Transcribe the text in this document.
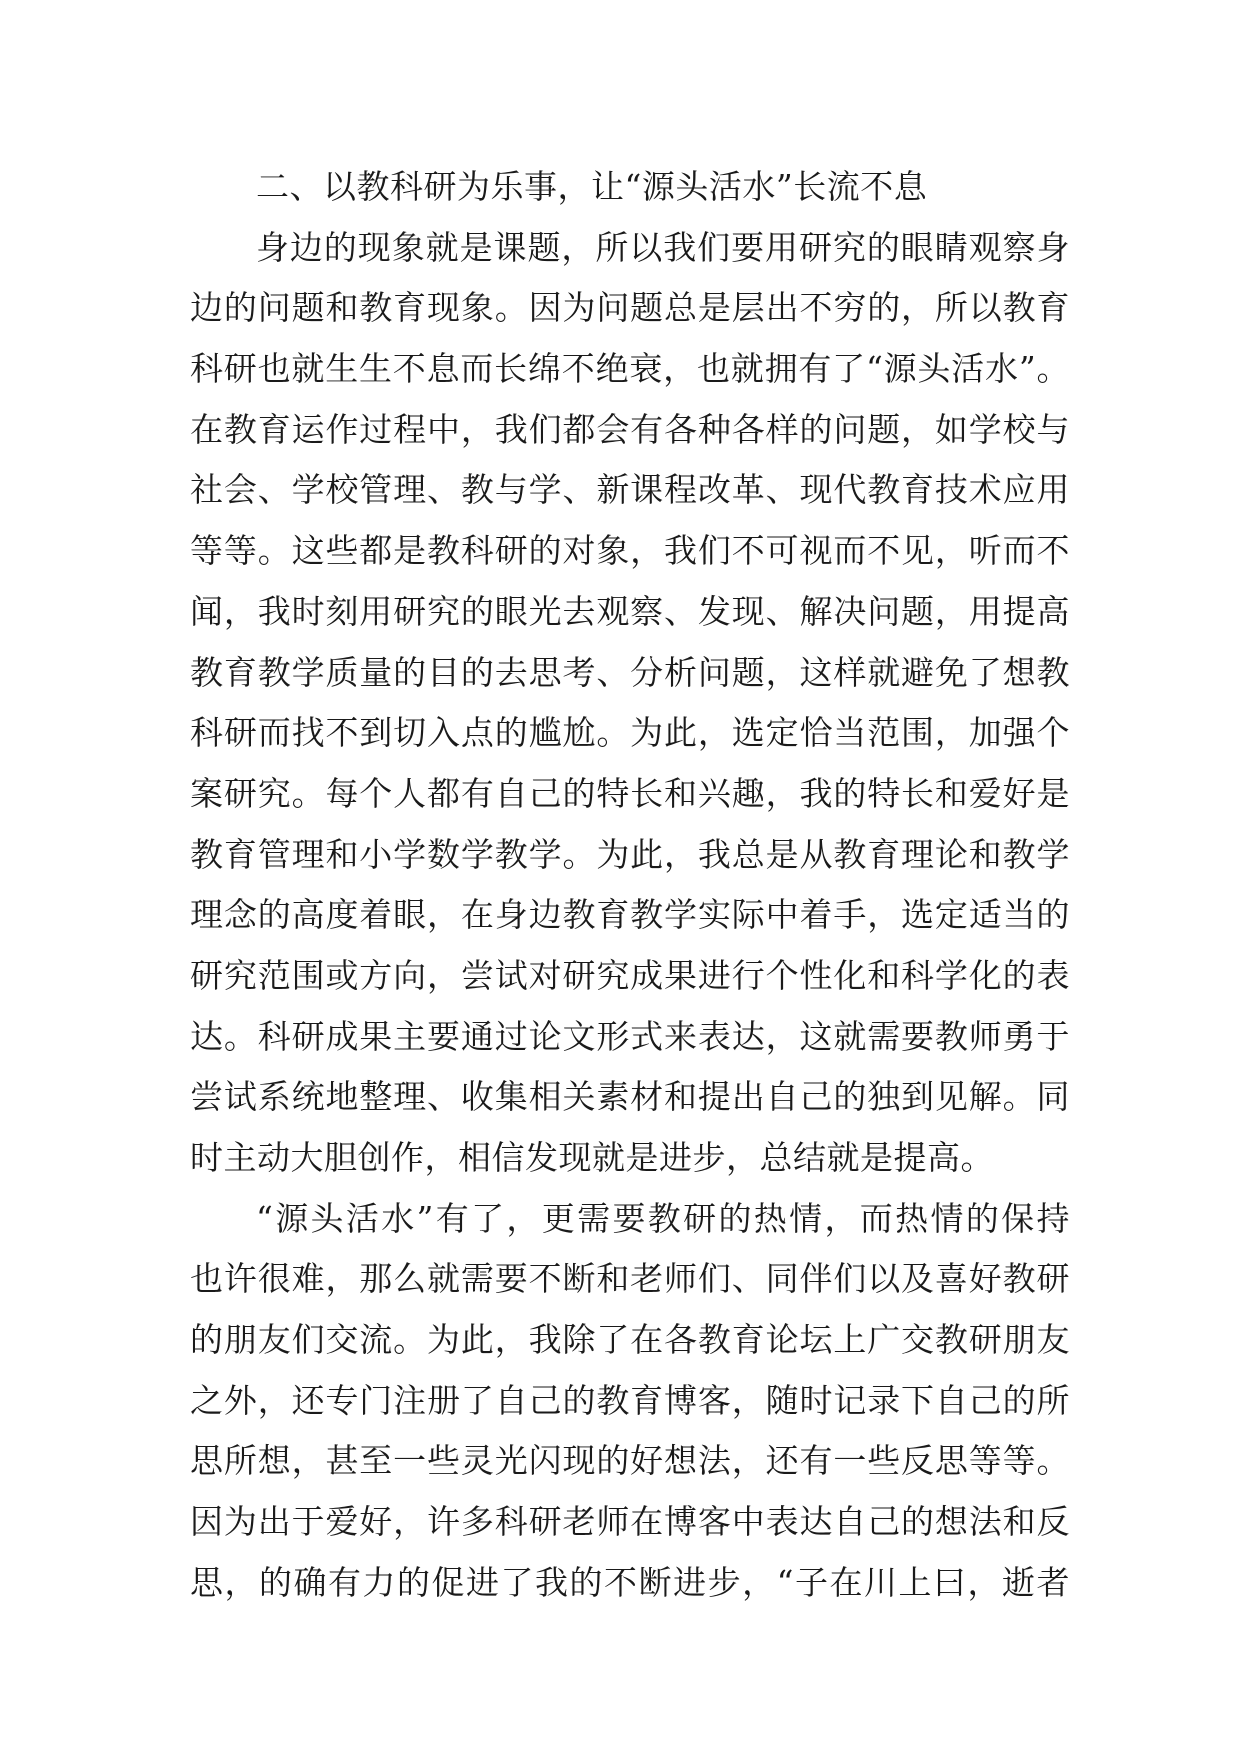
二、以教科研为乐事，让“源头活水”长流不息
身边的现象就是课题，所以我们要用研究的眼睛观察身
边的问题和教育现象。因为问题总是层出不穷的，所以教育
科研也就生生不息而长绵不绝衰，也就拥有了“源头活水”。
在教育运作过程中，我们都会有各种各样的问题，如学校与
社会、学校管理、教与学、新课程改革、现代教育技术应用
等等。这些都是教科研的对象，我们不可视而不见，听而不
闻，我时刻用研究的眼光去观察、发现、解决问题，用提高
教育教学质量的目的去思考、分析问题，这样就避免了想教
科研而找不到切入点的尴尬。为此，选定恰当范围，加强个
案研究。每个人都有自己的特长和兴趣，我的特长和爱好是
教育管理和小学数学教学。为此，我总是从教育理论和教学
理念的高度着眼，在身边教育教学实际中着手，选定适当的
研究范围或方向，尝试对研究成果进行个性化和科学化的表
达。科研成果主要通过论文形式来表达，这就需要教师勇于
尝试系统地整理、收集相关素材和提出自己的独到见解。同
时主动大胆创作，相信发现就是进步，总结就是提高。
“源头活水”有了，更需要教研的热情，而热情的保持
也许很难，那么就需要不断和老师们、同伴们以及喜好教研
的朋友们交流。为此，我除了在各教育论坛上广交教研朋友
之外，还专门注册了自己的教育博客，随时记录下自己的所
思所想，甚至一些灵光闪现的好想法，还有一些反思等等。
因为出于爱好，许多科研老师在博客中表达自己的想法和反
思，的确有力的促进了我的不断进步，“子在川上曰，逝者
